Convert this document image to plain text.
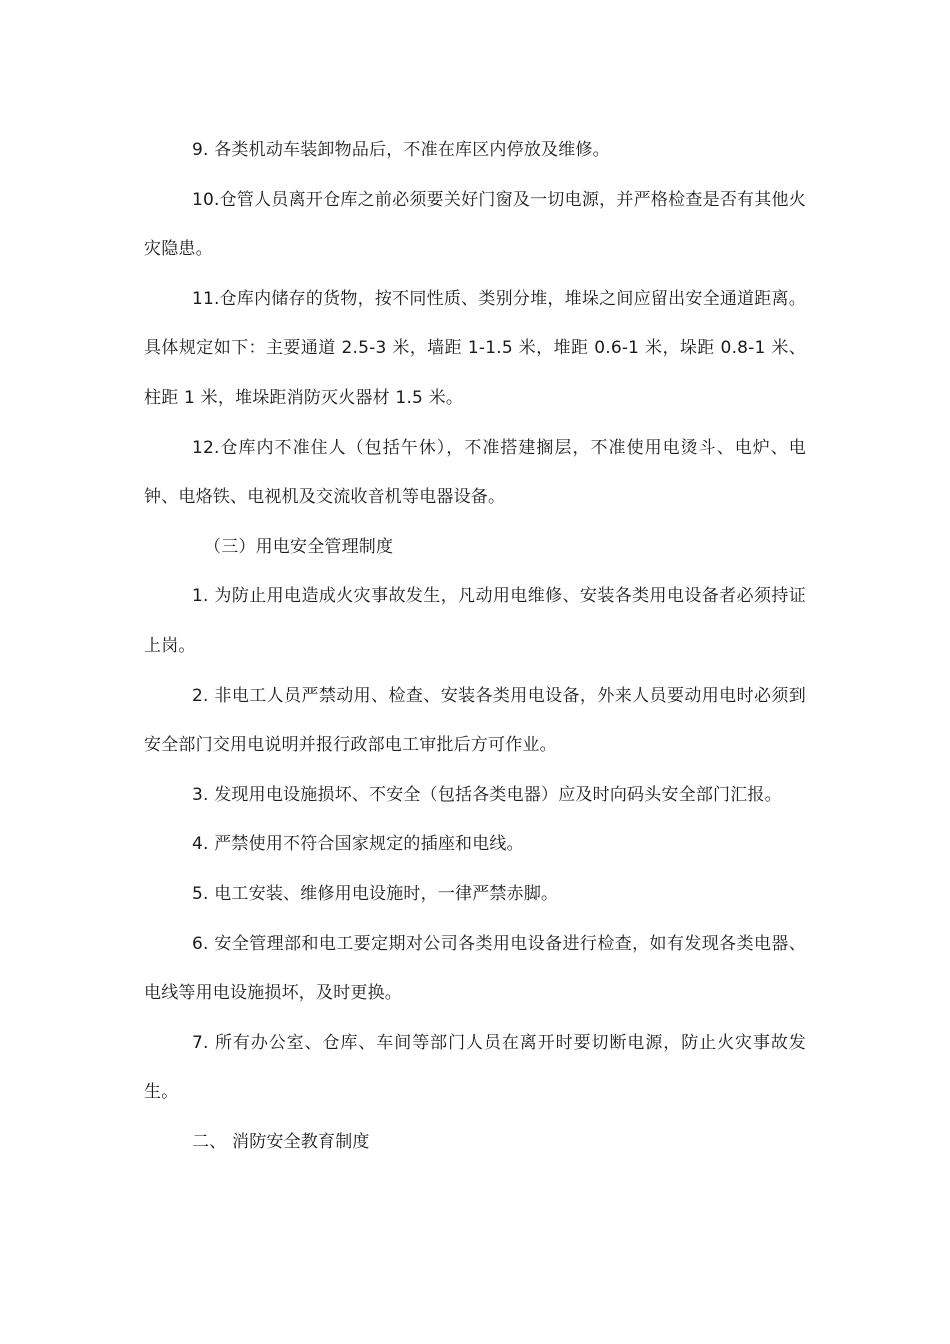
9. 各类机动车装卸物品后，不准在库区内停放及维修。

10.仓管人员离开仓库之前必须要关好门窗及一切电源，并严格检查是否有其他火灾隐患。

11.仓库内储存的货物，按不同性质、类别分堆，堆垛之间应留出安全通道距离。具体规定如下：主要通道 2.5-3 米，墙距 1-1.5 米，堆距 0.6-1 米，垛距 0.8-1 米、柱距 1 米，堆垛距消防灭火器材 1.5 米。

12.仓库内不准住人（包括午休），不准搭建搁层，不准使用电烫斗、电炉、电钟、电烙铁、电视机及交流收音机等电器设备。

（三）用电安全管理制度

1. 为防止用电造成火灾事故发生，凡动用电维修、安装各类用电设备者必须持证上岗。

2. 非电工人员严禁动用、检查、安装各类用电设备，外来人员要动用电时必须到安全部门交用电说明并报行政部电工审批后方可作业。

3. 发现用电设施损坏、不安全（包括各类电器）应及时向码头安全部门汇报。

4. 严禁使用不符合国家规定的插座和电线。

5. 电工安装、维修用电设施时，一律严禁赤脚。

6. 安全管理部和电工要定期对公司各类用电设备进行检查，如有发现各类电器、电线等用电设施损坏，及时更换。

7. 所有办公室、仓库、车间等部门人员在离开时要切断电源，防止火灾事故发生。

二、 消防安全教育制度
